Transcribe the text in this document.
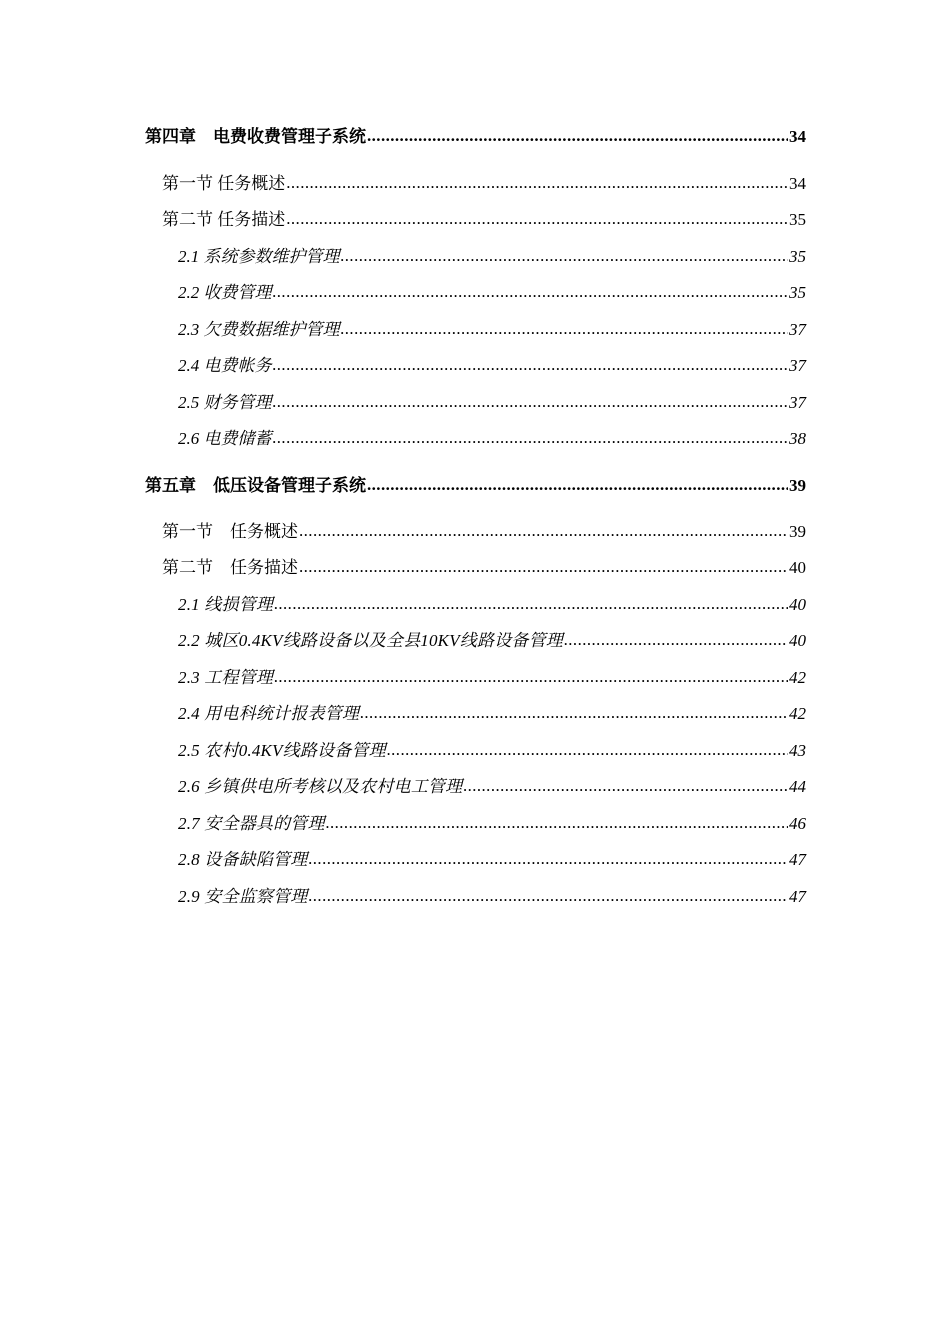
第四章　电费收费管理子系统 .....	34
第一节 任务概述 .....	34
第二节 任务描述 .....	35
2.1 系统参数维护管理 .....	35
2.2 收费管理 .....	35
2.3 欠费数据维护管理 .....	37
2.4 电费帐务 .....	37
2.5 财务管理 .....	37
2.6 电费储蓄 .....	38
第五章　低压设备管理子系统 .....	39
第一节　任务概述 .....	39
第二节　任务描述 .....	40
2.1 线损管理 .....	40
2.2 城区0.4KV线路设备以及全县10KV线路设备管理 .....	40
2.3 工程管理 .....	42
2.4 用电科统计报表管理 .....	42
2.5 农村0.4KV线路设备管理 .....	43
2.6 乡镇供电所考核以及农村电工管理 .....	44
2.7 安全器具的管理 .....	46
2.8 设备缺陷管理 .....	47
2.9 安全监察管理 .....	47
